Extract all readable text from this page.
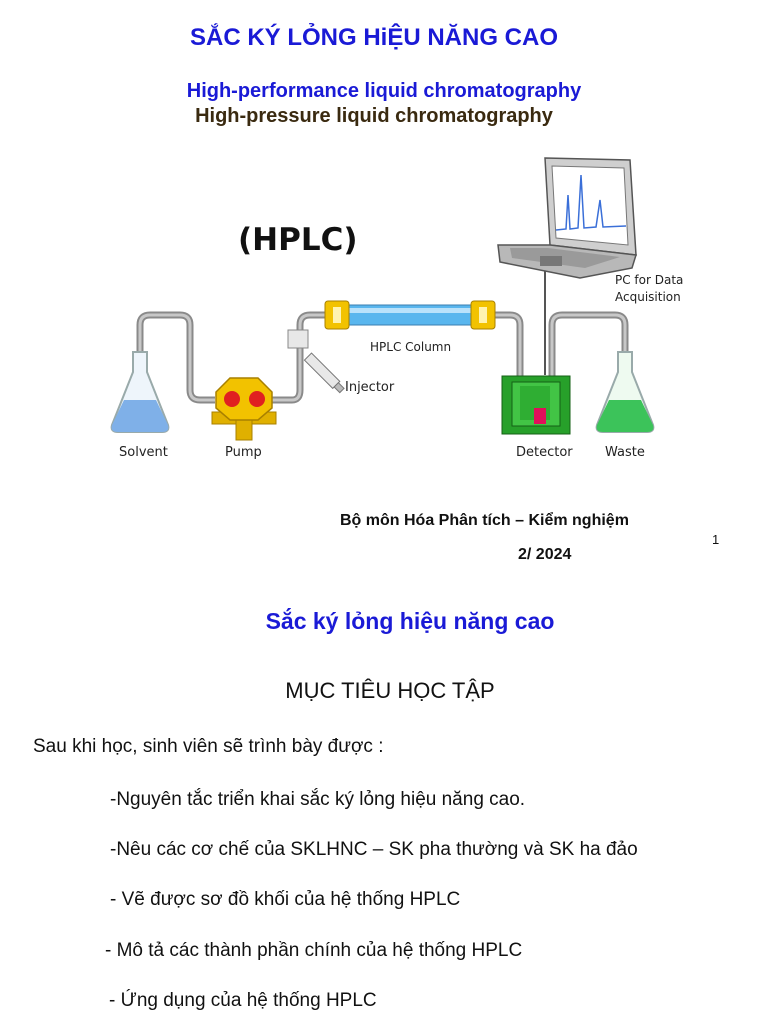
SẮC KÝ LỎNG HiỆU NĂNG CAO
High-performance liquid chromatography
High-pressure liquid chromatography
(HPLC)
Solvent	Pump
Injector
HPLC Column
Detector Waste
PC for Data
Acquisition
Bộ môn Hóa Phân tích – Kiểm nghiệm
2/ 2024
1
Sắc ký lỏng hiệu năng cao
MỤC TIÊU HỌC TẬP
Sau khi học, sinh viên sẽ trình bày được :
-Nguyên tắc triển khai sắc ký lỏng hiệu năng cao.
-Nêu các cơ chế của SKLHNC – SK pha thường và SK ha đảo
- Vẽ được sơ đồ khối của hệ thống HPLC
- Mô tả các thành phần chính của hệ thống HPLC
- Ứng dụng của hệ thống HPLC
